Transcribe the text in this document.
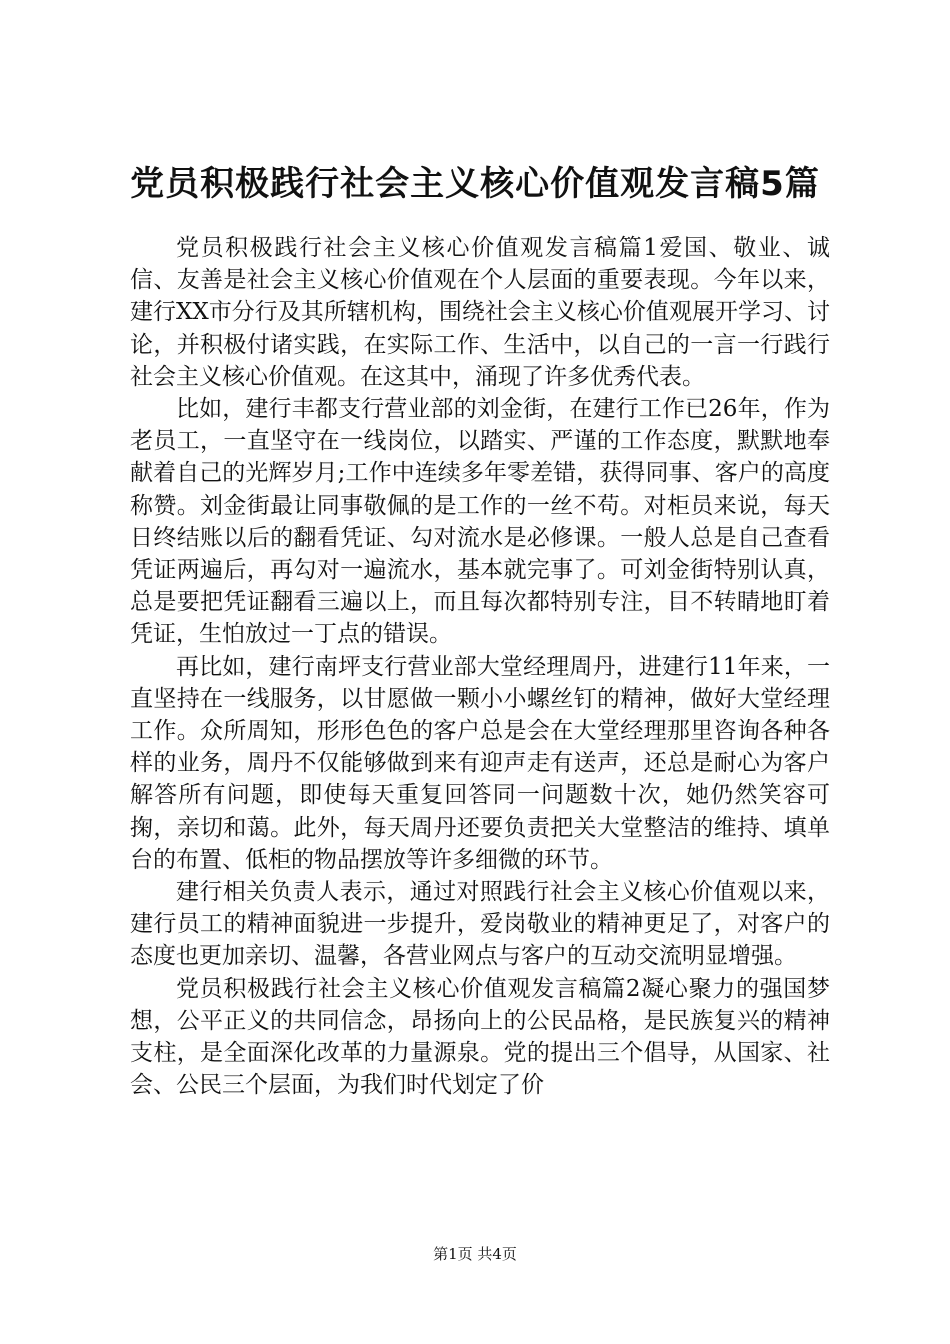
党员积极践行社会主义核心价值观发言稿5篇

党员积极践行社会主义核心价值观发言稿篇1爱国、敬业、诚信、友善是社会主义核心价值观在个人层面的重要表现。今年以来，建行XX市分行及其所辖机构，围绕社会主义核心价值观展开学习、讨论，并积极付诸实践，在实际工作、生活中，以自己的一言一行践行社会主义核心价值观。在这其中，涌现了许多优秀代表。

比如，建行丰都支行营业部的刘金街，在建行工作已26年，作为老员工，一直坚守在一线岗位，以踏实、严谨的工作态度，默默地奉献着自己的光辉岁月;工作中连续多年零差错，获得同事、客户的高度称赞。刘金街最让同事敬佩的是工作的一丝不苟。对柜员来说，每天日终结账以后的翻看凭证、勾对流水是必修课。一般人总是自己查看凭证两遍后，再勾对一遍流水，基本就完事了。可刘金街特别认真，总是要把凭证翻看三遍以上，而且每次都特别专注，目不转睛地盯着凭证，生怕放过一丁点的错误。

再比如，建行南坪支行营业部大堂经理周丹，进建行11年来，一直坚持在一线服务，以甘愿做一颗小小螺丝钉的精神，做好大堂经理工作。众所周知，形形色色的客户总是会在大堂经理那里咨询各种各样的业务，周丹不仅能够做到来有迎声走有送声，还总是耐心为客户解答所有问题，即使每天重复回答同一问题数十次，她仍然笑容可掬，亲切和蔼。此外，每天周丹还要负责把关大堂整洁的维持、填单台的布置、低柜的物品摆放等许多细微的环节。

建行相关负责人表示，通过对照践行社会主义核心价值观以来，建行员工的精神面貌进一步提升，爱岗敬业的精神更足了，对客户的态度也更加亲切、温馨，各营业网点与客户的互动交流明显增强。

党员积极践行社会主义核心价值观发言稿篇2凝心聚力的强国梦想，公平正义的共同信念，昂扬向上的公民品格，是民族复兴的精神支柱，是全面深化改革的力量源泉。党的提出三个倡导，从国家、社会、公民三个层面，为我们时代划定了价

第1页 共4页
